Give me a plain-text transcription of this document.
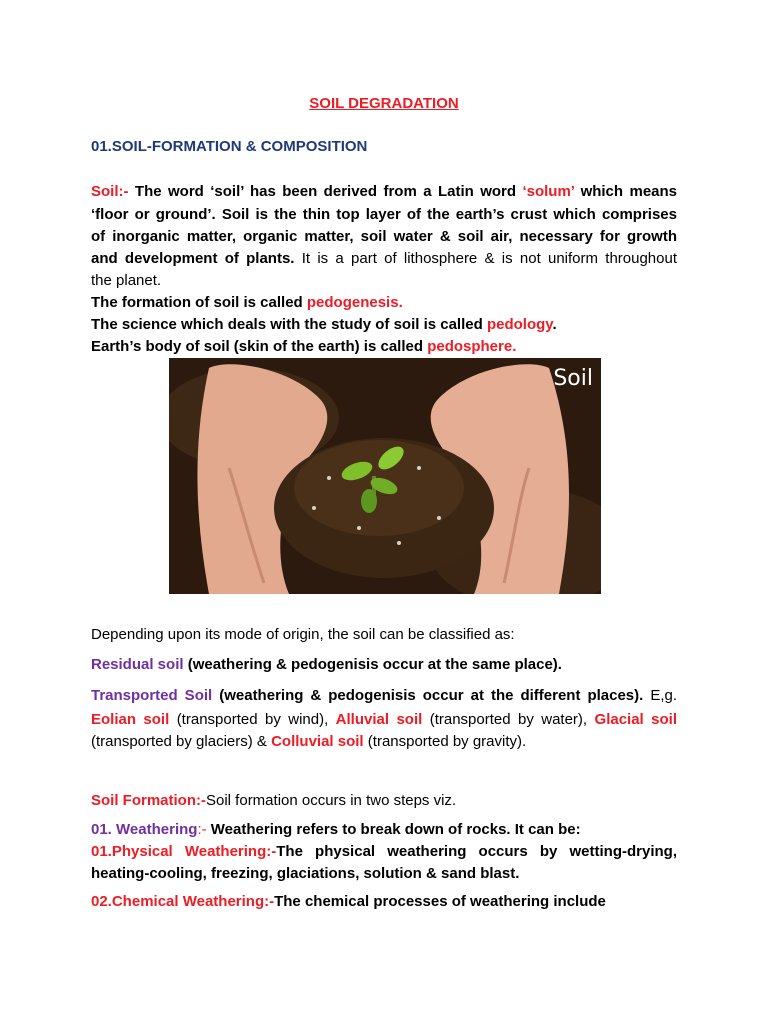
SOIL DEGRADATION
01.SOIL-FORMATION & COMPOSITION
Soil:- The word ‘soil’ has been derived from a Latin word ‘solum’ which means
‘floor or ground’. Soil is the thin top layer of the earth’s crust which comprises
of inorganic matter, organic matter, soil water & soil air, necessary for growth
and development of plants. It is a part of lithosphere & is not uniform throughout
the planet.
The formation of soil is called pedogenesis.
The science which deals with the study of soil is called pedology.
Earth’s body of soil (skin of the earth) is called pedosphere.
Soil
Depending upon its mode of origin, the soil can be classified as:
Residual soil (weathering & pedogenisis occur at the same place).
Transported Soil (weathering & pedogenisis occur at the different places). E,g.
Eolian soil (transported by wind), Alluvial soil (transported by water), Glacial soil
(transported by glaciers) & Colluvial soil (transported by gravity).
Soil Formation:-Soil formation occurs in two steps viz.
01. Weathering:- Weathering refers to break down of rocks. It can be:
01.Physical Weathering:-The physical weathering occurs by wetting-drying,
heating-cooling, freezing, glaciations, solution & sand blast.
02.Chemical Weathering:-The chemical processes of weathering include
